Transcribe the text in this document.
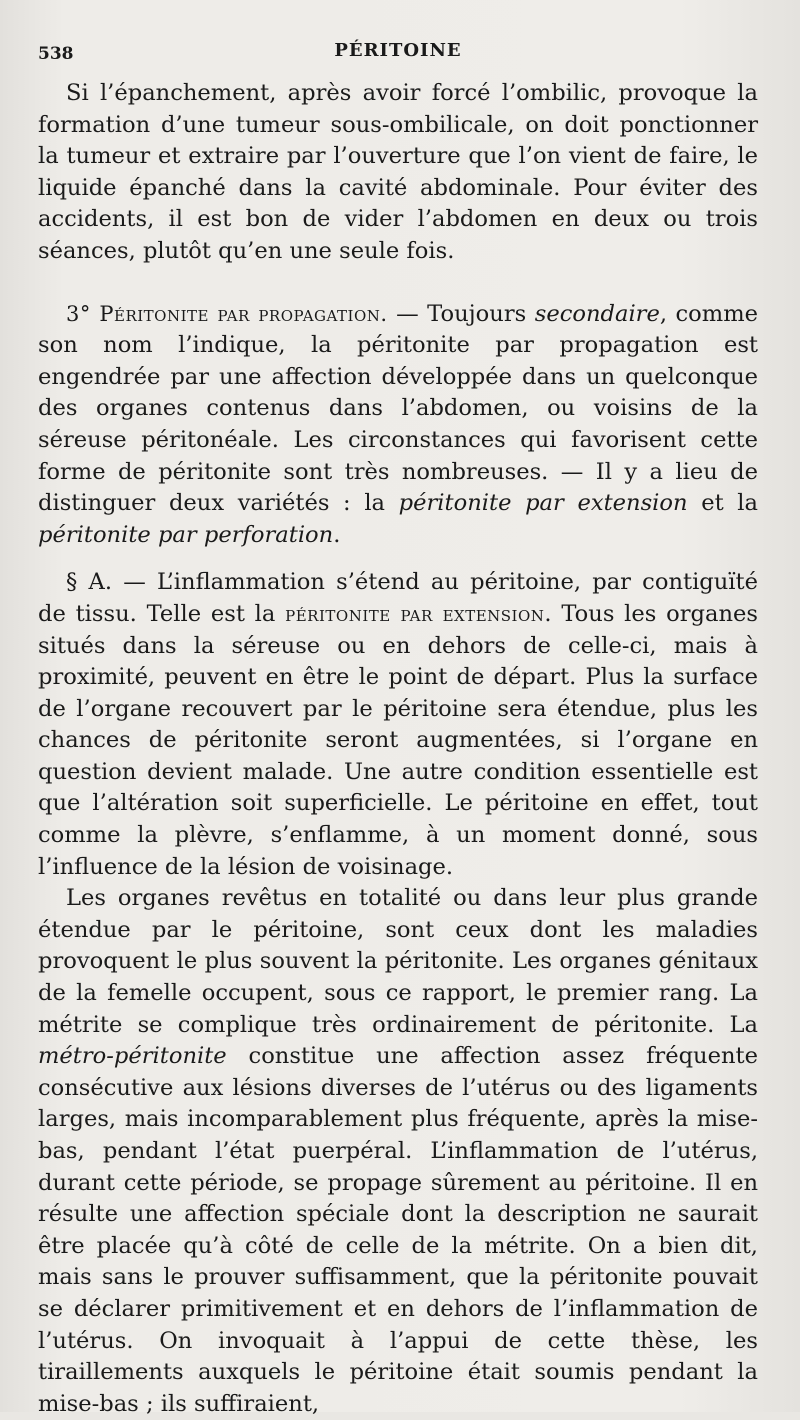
538	PÉRITOINE

Si l’épanchement, après avoir forcé l’ombilic, provoque la formation d’une tumeur sous-ombilicale, on doit ponctionner la tumeur et extraire par l’ouverture que l’on vient de faire, le liquide épanché dans la cavité abdominale. Pour éviter des accidents, il est bon de vider l’abdomen en deux ou trois séances, plutôt qu’en une seule fois.

3° Péritonite par propagation. — Toujours secondaire, comme son nom l’indique, la péritonite par propagation est engendrée par une affection développée dans un quelconque des organes contenus dans l’abdomen, ou voisins de la séreuse péritonéale. Les circonstances qui favorisent cette forme de péritonite sont très nombreuses. — Il y a lieu de distinguer deux variétés : la péritonite par extension et la péritonite par perforation.

§ A. — L’inflammation s’étend au péritoine, par contiguïté de tissu. Telle est la péritonite par extension. Tous les organes situés dans la séreuse ou en dehors de celle-ci, mais à proximité, peuvent en être le point de départ. Plus la surface de l’organe recouvert par le péritoine sera étendue, plus les chances de péritonite seront augmentées, si l’organe en question devient malade. Une autre condition essentielle est que l’altération soit superficielle. Le péritoine en effet, tout comme la plèvre, s’enflamme, à un moment donné, sous l’influence de la lésion de voisinage.

Les organes revêtus en totalité ou dans leur plus grande étendue par le péritoine, sont ceux dont les maladies provoquent le plus souvent la péritonite. Les organes génitaux de la femelle occupent, sous ce rapport, le premier rang. La métrite se complique très ordinairement de péritonite. La métro-péritonite constitue une affection assez fréquente consécutive aux lésions diverses de l’utérus ou des ligaments larges, mais incomparablement plus fréquente, après la mise-bas, pendant l’état puerpéral. L’inflammation de l’utérus, durant cette période, se propage sûrement au péritoine. Il en résulte une affection spéciale dont la description ne saurait être placée qu’à côté de celle de la métrite. On a bien dit, mais sans le prouver suffisamment, que la péritonite pouvait se déclarer primitivement et en dehors de l’inflammation de l’utérus. On invoquait à l’appui de cette thèse, les tiraillements auxquels le péritoine était soumis pendant la mise-bas ; ils suffiraient,
